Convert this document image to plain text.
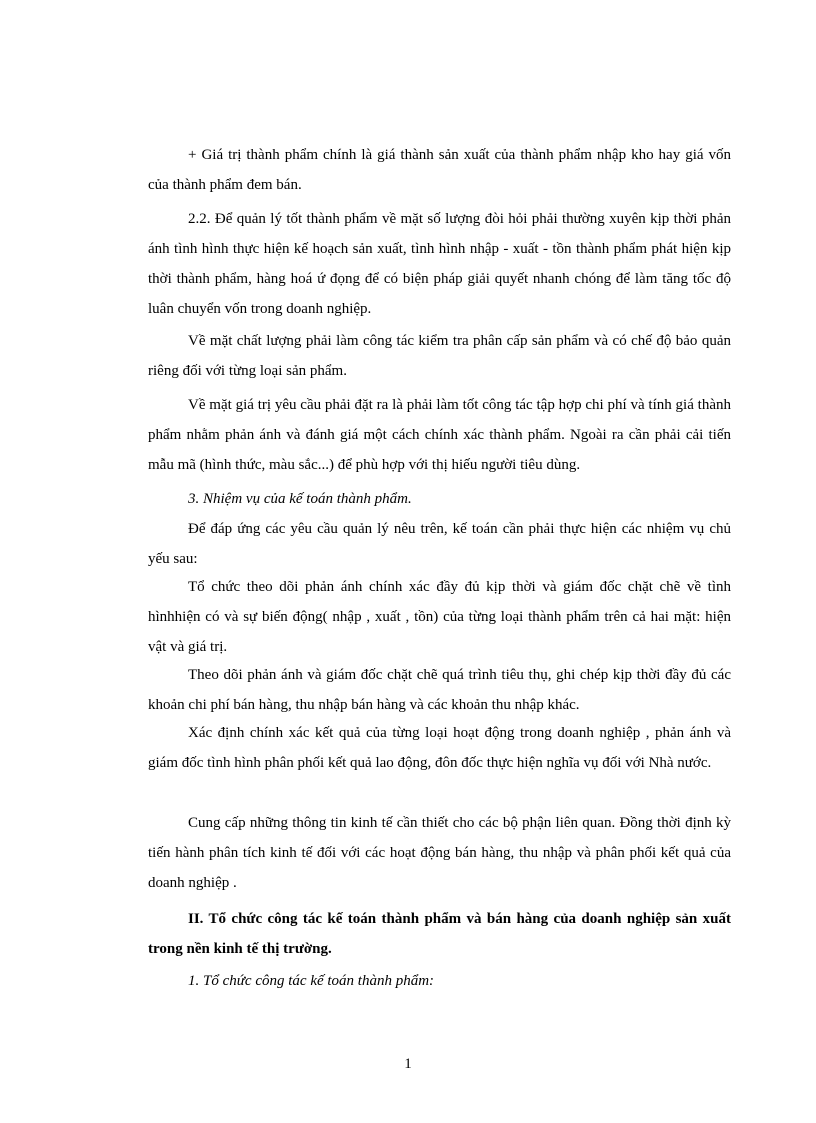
+ Giá trị thành phẩm chính là giá thành sản xuất của thành phẩm nhập kho hay giá vốn của thành phẩm đem bán.

2.2. Để quản lý tốt thành phẩm về mặt số lượng đòi hỏi phải thường xuyên kịp thời phản ánh tình hình thực hiện kế hoạch sản xuất, tình hình nhập - xuất - tồn thành phẩm phát hiện kịp thời thành phẩm, hàng hoá ứ đọng để có biện pháp giải quyết nhanh chóng để làm tăng tốc độ luân chuyển vốn trong doanh nghiệp.

Về mặt chất lượng phải làm công tác kiểm tra phân cấp sản phẩm và có chế độ bảo quản riêng đối với từng loại sản phẩm.

Về mặt giá trị yêu cầu phải đặt ra là phải làm tốt công tác tập hợp chi phí và tính giá thành phẩm nhằm phản ánh và đánh giá một cách chính xác thành phẩm. Ngoài ra cần phải cải tiến mẫu mã (hình thức, màu sắc...) để phù hợp với thị hiếu người tiêu dùng.

3. Nhiệm vụ của kế toán thành phẩm.

Để đáp ứng các yêu cầu quản lý nêu trên, kế toán cần phải thực hiện các nhiệm vụ chủ yếu sau:

Tổ chức theo dõi phản ánh chính xác đầy đủ kịp thời và giám đốc chặt chẽ về tình hìnhhiện có và sự biến động( nhập , xuất , tồn) của từng loại thành phẩm trên cả hai mặt: hiện vật và giá trị.

Theo dõi phản ánh và giám đốc chặt chẽ quá trình tiêu thụ, ghi chép kịp thời đầy đủ các khoản chi phí bán hàng, thu nhập bán hàng và các khoản thu nhập khác.

Xác định chính xác kết quả của từng loại hoạt động trong doanh nghiệp , phản ánh và giám đốc tình hình phân phối kết quả lao động, đôn đốc thực hiện nghĩa vụ đối với Nhà nước.

Cung cấp những thông tin kinh tế cần thiết cho các bộ phận liên quan. Đồng thời định kỳ tiến hành phân tích kinh tế đối với các hoạt động bán hàng, thu nhập và phân phối kết quả của doanh nghiệp .

II. Tổ chức công tác kế toán thành phẩm và bán hàng của doanh nghiệp sản xuất trong nền kinh tế thị trường.

1. Tổ chức công tác kế toán thành phẩm:

1
